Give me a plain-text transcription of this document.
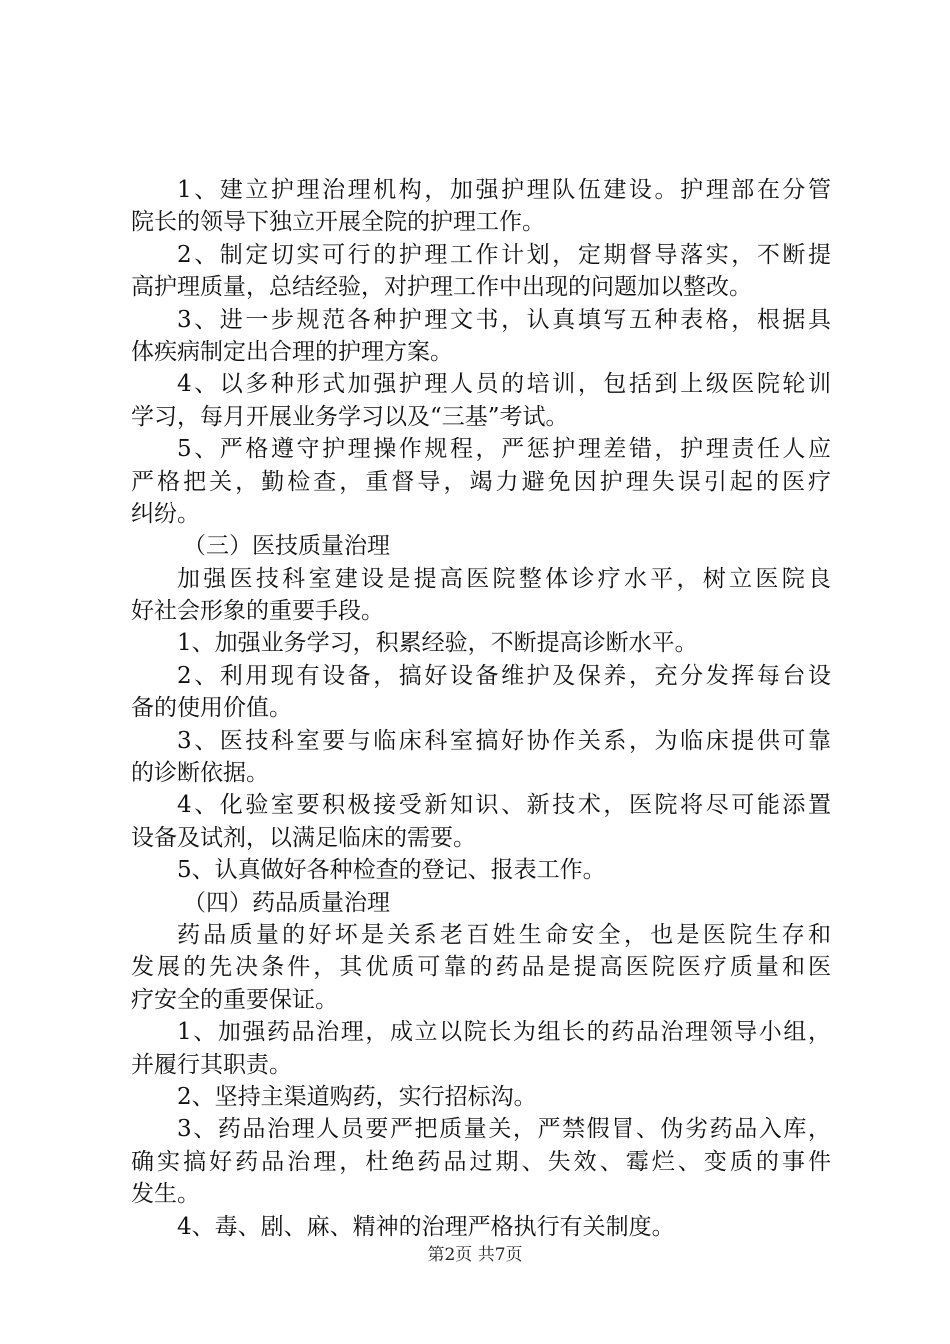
1、建立护理治理机构，加强护理队伍建设。护理部在分管
院长的领导下独立开展全院的护理工作。
2、制定切实可行的护理工作计划，定期督导落实，不断提
高护理质量，总结经验，对护理工作中出现的问题加以整改。
3、进一步规范各种护理文书，认真填写五种表格，根据具
体疾病制定出合理的护理方案。
4、以多种形式加强护理人员的培训，包括到上级医院轮训
学习，每月开展业务学习以及“三基”考试。
5、严格遵守护理操作规程，严惩护理差错，护理责任人应
严格把关，勤检查，重督导，竭力避免因护理失误引起的医疗
纠纷。
（三）医技质量治理
加强医技科室建设是提高医院整体诊疗水平，树立医院良
好社会形象的重要手段。
1、加强业务学习，积累经验，不断提高诊断水平。
2、利用现有设备，搞好设备维护及保养，充分发挥每台设
备的使用价值。
3、医技科室要与临床科室搞好协作关系，为临床提供可靠
的诊断依据。
4、化验室要积极接受新知识、新技术，医院将尽可能添置
设备及试剂，以满足临床的需要。
5、认真做好各种检查的登记、报表工作。
（四）药品质量治理
药品质量的好坏是关系老百姓生命安全，也是医院生存和
发展的先决条件，其优质可靠的药品是提高医院医疗质量和医
疗安全的重要保证。
1、加强药品治理，成立以院长为组长的药品治理领导小组，
并履行其职责。
2、坚持主渠道购药，实行招标沟。
3、药品治理人员要严把质量关，严禁假冒、伪劣药品入库，
确实搞好药品治理，杜绝药品过期、失效、霉烂、变质的事件
发生。
4、毒、剧、麻、精神的治理严格执行有关制度。
第2页 共7页
